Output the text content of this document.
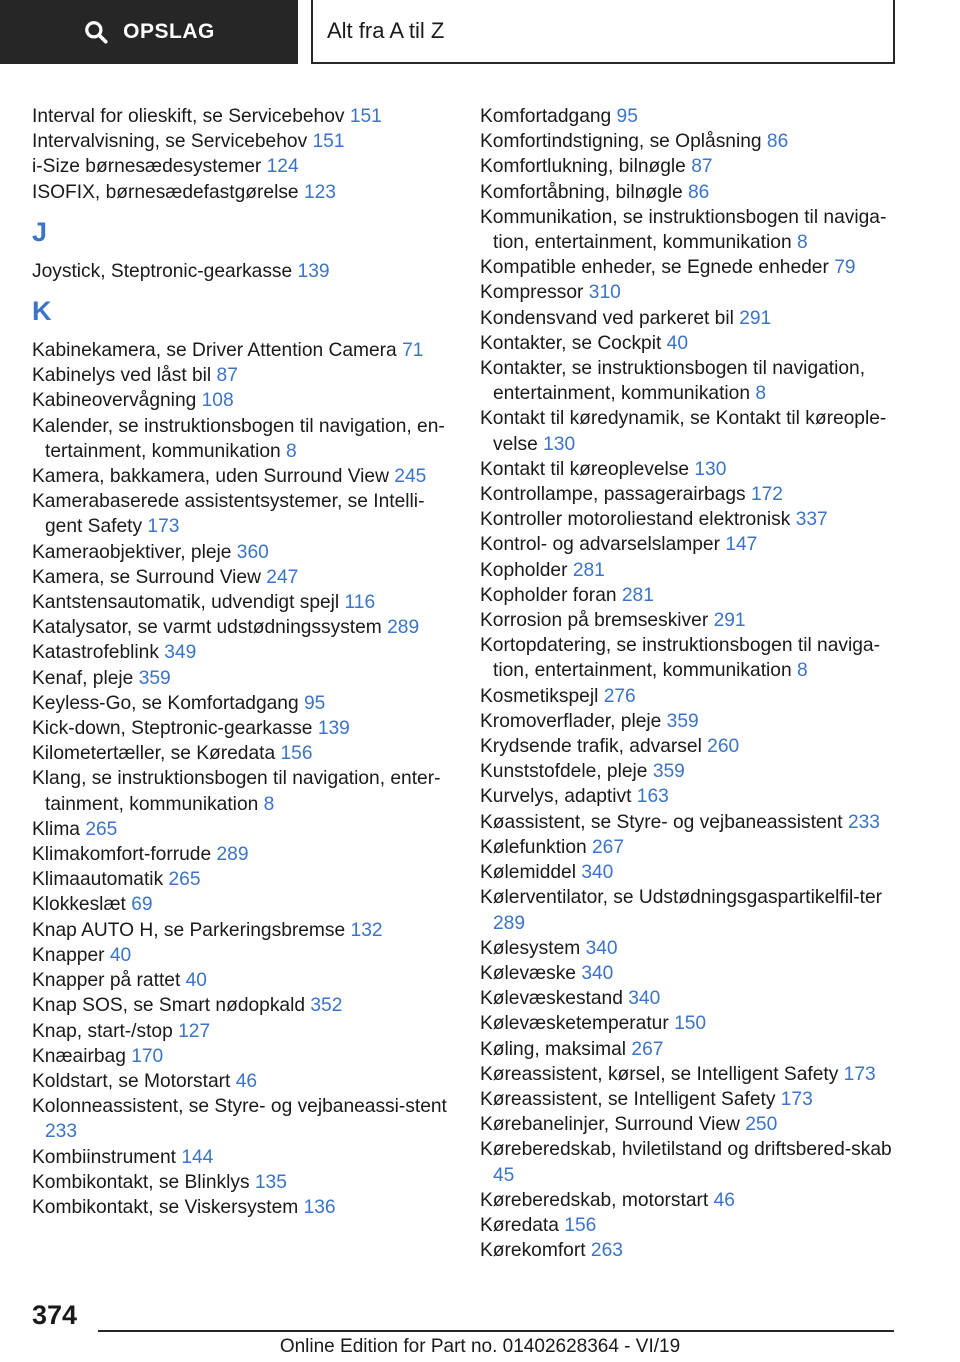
OPSLAG	Alt fra A til Z
Interval for olieskift, se Servicebehov 151
Intervalvisning, se Servicebehov 151
i-Size børnesædesystemer 124
ISOFIX, børnesædefastgørelse 123
J
Joystick, Steptronic-gearkasse 139
K
Kabinekamera, se Driver Attention Camera 71
Kabinelys ved låst bil 87
Kabineovervågning 108
Kalender, se instruktionsbogen til navigation, en‐tertainment, kommunikation 8
Kamera, bakkamera, uden Surround View 245
Kamerabaserede assistentsystemer, se Intelli‐gent Safety 173
Kameraobjektiver, pleje 360
Kamera, se Surround View 247
Kantstensautomatik, udvendigt spejl 116
Katalysator, se varmt udstødningssystem 289
Katastrofeblink 349
Kenaf, pleje 359
Keyless-Go, se Komfortadgang 95
Kick-down, Steptronic-gearkasse 139
Kilometertæller, se Køredata 156
Klang, se instruktionsbogen til navigation, enter‐tainment, kommunikation 8
Klima 265
Klimakomfort-forrude 289
Klimaautomatik 265
Klokkeslæt 69
Knap AUTO H, se Parkeringsbremse 132
Knapper 40
Knapper på rattet 40
Knap SOS, se Smart nødopkald 352
Knap, start-/stop 127
Knæairbag 170
Koldstart, se Motorstart 46
Kolonneassistent, se Styre- og vejbaneassi‐stent 233
Kombiinstrument 144
Kombikontakt, se Blinklys 135
Kombikontakt, se Viskersystem 136
Komfortadgang 95
Komfortindstigning, se Oplåsning 86
Komfortlukning, bilnøgle 87
Komfortåbning, bilnøgle 86
Kommunikation, se instruktionsbogen til naviga‐tion, entertainment, kommunikation 8
Kompatible enheder, se Egnede enheder 79
Kompressor 310
Kondensvand ved parkeret bil 291
Kontakter, se Cockpit 40
Kontakter, se instruktionsbogen til navigation, entertainment, kommunikation 8
Kontakt til køredynamik, se Kontakt til køreople‐velse 130
Kontakt til køreoplevelse 130
Kontrollampe, passagerairbags 172
Kontroller motoroliestand elektronisk 337
Kontrol- og advarselslamper 147
Kopholder 281
Kopholder foran 281
Korrosion på bremseskiver 291
Kortopdatering, se instruktionsbogen til naviga‐tion, entertainment, kommunikation 8
Kosmetikspejl 276
Kromoverflader, pleje 359
Krydsende trafik, advarsel 260
Kunststofdele, pleje 359
Kurvelys, adaptivt 163
Køassistent, se Styre- og vejbaneassistent 233
Kølefunktion 267
Kølemiddel 340
Kølerventilator, se Udstødningsgaspartikelfil‐ter 289
Kølesystem 340
Kølevæske 340
Kølevæskestand 340
Kølevæsketemperatur 150
Køling, maksimal 267
Køreassistent, kørsel, se Intelligent Safety 173
Køreassistent, se Intelligent Safety 173
Kørebanelinjer, Surround View 250
Køreberedskab, hviletilstand og driftsbered‐skab 45
Køreberedskab, motorstart 46
Køredata 156
Kørekomfort 263
374
Online Edition for Part no. 01402628364 - VI/19
